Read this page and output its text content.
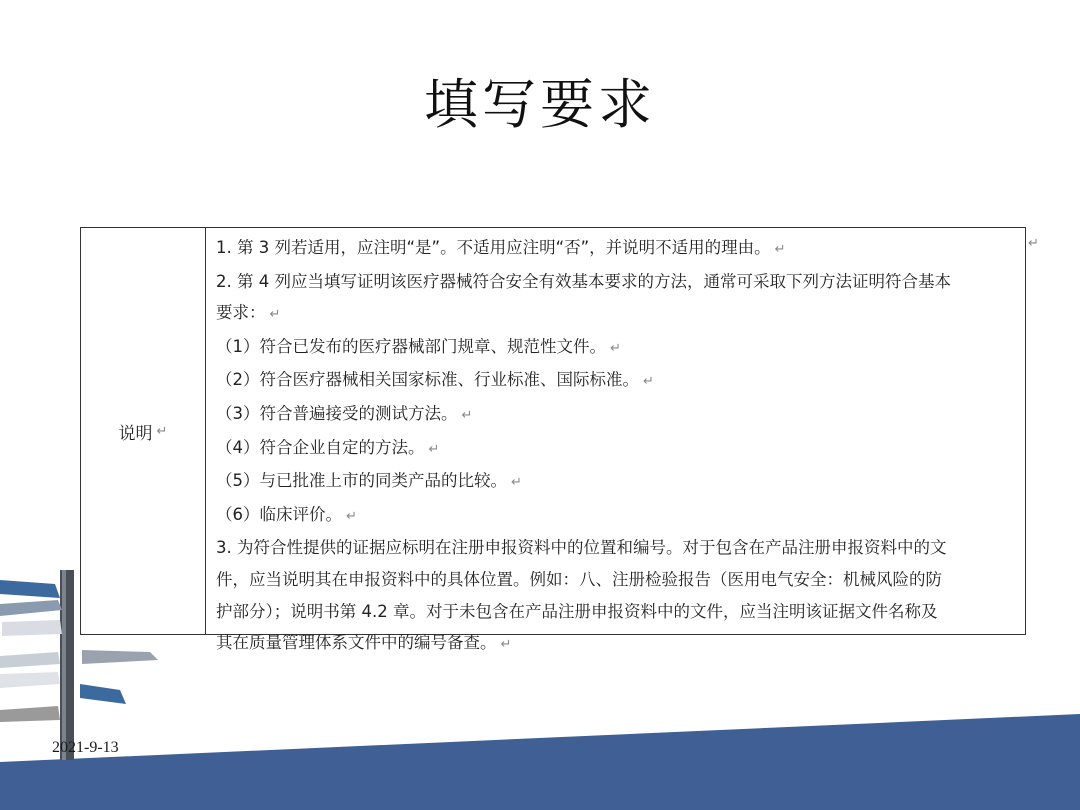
填写要求
说明 ↵
1. 第 3 列若适用，应注明“是”。不适用应注明“否”，并说明不适用的理由。 ↵
2. 第 4 列应当填写证明该医疗器械符合安全有效基本要求的方法，通常可采取下列方法证明符合基本
要求： ↵
（1）符合已发布的医疗器械部门规章、规范性文件。 ↵
（2）符合医疗器械相关国家标准、行业标准、国际标准。 ↵
（3）符合普遍接受的测试方法。 ↵
（4）符合企业自定的方法。 ↵
（5）与已批准上市的同类产品的比较。 ↵
（6）临床评价。 ↵
3. 为符合性提供的证据应标明在注册申报资料中的位置和编号。对于包含在产品注册申报资料中的文
件，应当说明其在申报资料中的具体位置。例如：八、注册检验报告（医用电气安全：机械风险的防
护部分）；说明书第 4.2 章。对于未包含在产品注册申报资料中的文件，应当注明该证据文件名称及
其在质量管理体系文件中的编号备查。 ↵
↵
2021-9-13
